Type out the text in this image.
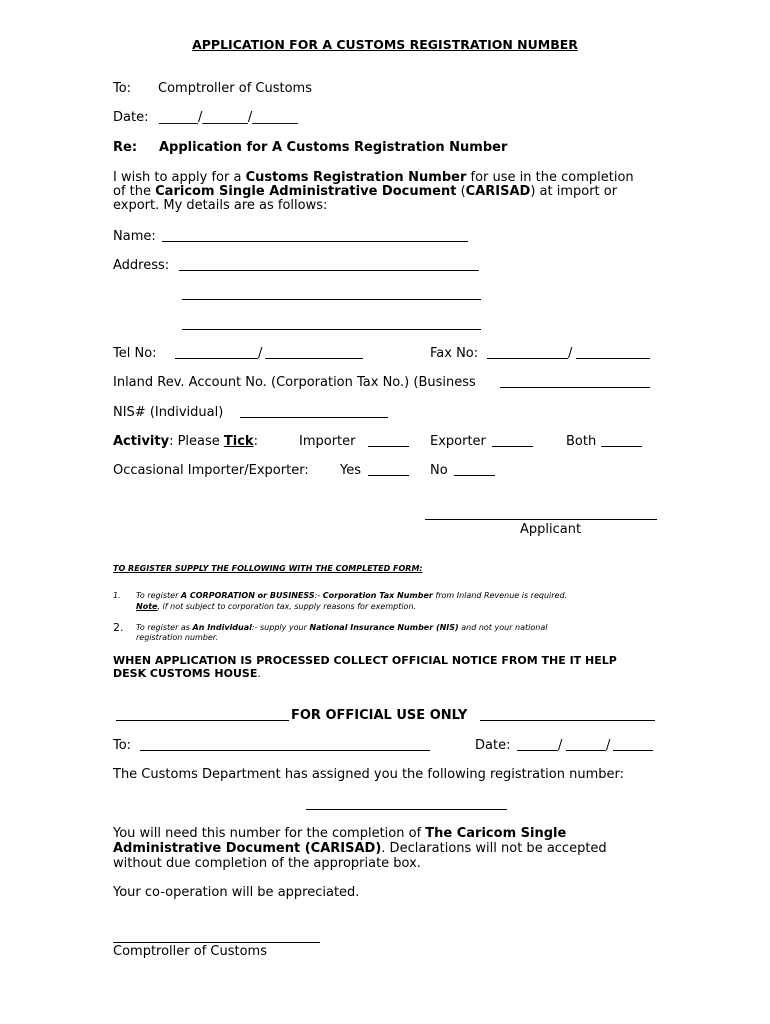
APPLICATION FOR A CUSTOMS REGISTRATION NUMBER
To: Comptroller of Customs
Date: ______/_______/_______
Re: Application for A Customs Registration Number
I wish to apply for a Customs Registration Number for use in the completion
of the Caricom Single Administrative Document (CARISAD) at import or
export. My details are as follows:
Name:
Address:
Tel No:	/	Fax No:	/
Inland Rev. Account No. (Corporation Tax No.) (Business
NIS# (Individual)
Activity: Please Tick:	Importer	Exporter	Both
Occasional Importer/Exporter: Yes	No
Applicant
TO REGISTER SUPPLY THE FOLLOWING WITH THE COMPLETED FORM:
1. To register A CORPORATION or BUSINESS:- Corporation Tax Number from Inland Revenue is required.
Note, if not subject to corporation tax, supply reasons for exemption.
2. To register as An Individual:- supply your National Insurance Number (NIS) and not your national
registration number.
WHEN APPLICATION IS PROCESSED COLLECT OFFICIAL NOTICE FROM THE IT HELP DESK CUSTOMS HOUSE.
FOR OFFICIAL USE ONLY
To:	Date:	/	/
The Customs Department has assigned you the following registration number:
You will need this number for the completion of The Caricom Single
Administrative Document (CARISAD). Declarations will not be accepted
without due completion of the appropriate box.
Your co-operation will be appreciated.
Comptroller of Customs
